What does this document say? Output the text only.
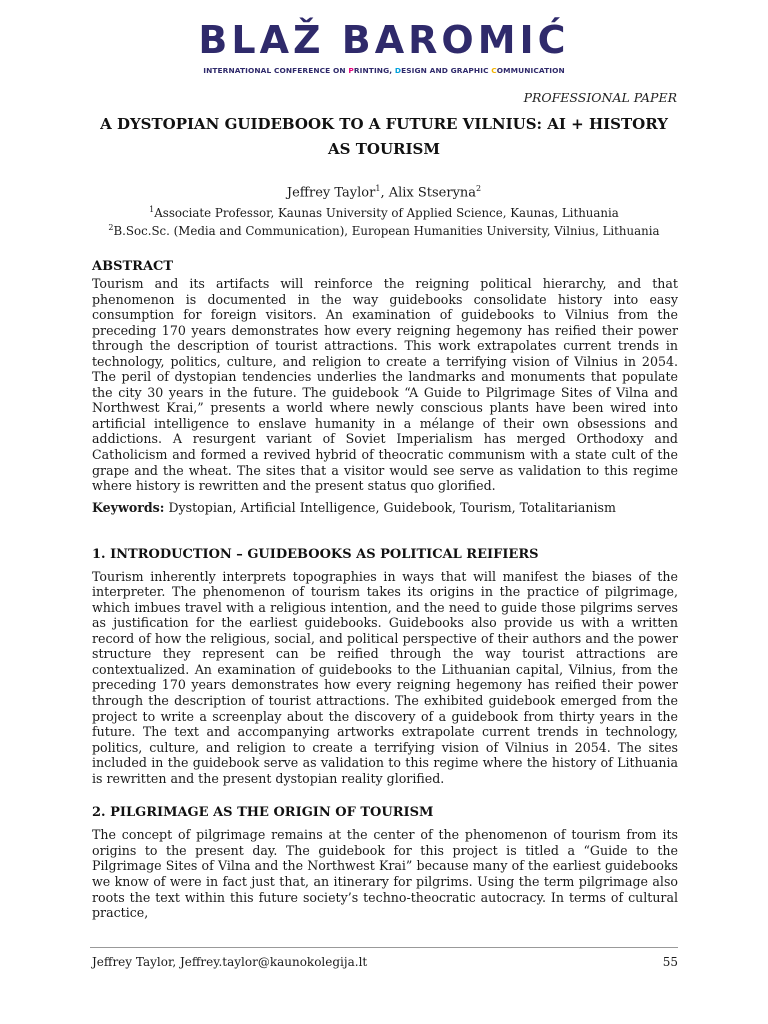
BLAŽ BAROMIĆ
INTERNATIONAL CONFERENCE ON PRINTING, DESIGN AND GRAPHIC COMMUNICATION
PROFESSIONAL PAPER
A DYSTOPIAN GUIDEBOOK TO A FUTURE VILNIUS: AI + HISTORY AS TOURISM
Jeffrey Taylor$^1$, Alix Stseryna$^2$
$^1$Associate Professor, Kaunas University of Applied Science, Kaunas, Lithuania
$^2$B.Soc.Sc. (Media and Communication), European Humanities University, Vilnius, Lithuania
ABSTRACT

Tourism and its artifacts will reinforce the reigning political hierarchy, and that phenomenon is documented in the way guidebooks consolidate history into easy consumption for foreign visitors. An examination of guidebooks to Vilnius from the preceding 170 years demonstrates how every reigning hegemony has reified their power through the description of tourist attractions. This work extrapolates current trends in technology, politics, culture, and religion to create a terrifying vision of Vilnius in 2054. The peril of dystopian tendencies underlies the landmarks and monuments that populate the city 30 years in the future. The guidebook “A Guide to Pilgrimage Sites of Vilna and Northwest Krai,” presents a world where newly conscious plants have been wired into artificial intelligence to enslave humanity in a mélange of their own obsessions and addictions. A resurgent variant of Soviet Imperialism has merged Orthodoxy and Catholicism and formed a revived hybrid of theocratic communism with a state cult of the grape and the wheat. The sites that a visitor would see serve as validation to this regime where history is rewritten and the present status quo glorified.

Keywords: Dystopian, Artificial Intelligence, Guidebook, Tourism, Totalitarianism
1. INTRODUCTION – GUIDEBOOKS AS POLITICAL REIFIERS

Tourism inherently interprets topographies in ways that will manifest the biases of the interpreter. The phenomenon of tourism takes its origins in the practice of pilgrimage, which imbues travel with a religious intention, and the need to guide those pilgrims serves as justification for the earliest guidebooks. Guidebooks also provide us with a written record of how the religious, social, and political perspective of their authors and the power structure they represent can be reified through the way tourist attractions are contextualized. An examination of guidebooks to the Lithuanian capital, Vilnius, from the preceding 170 years demonstrates how every reigning hegemony has reified their power through the description of tourist attractions. The exhibited guidebook emerged from the project to write a screenplay about the discovery of a guidebook from thirty years in the future. The text and accompanying artworks extrapolate current trends in technology, politics, culture, and religion to create a terrifying vision of Vilnius in 2054. The sites included in the guidebook serve as validation to this regime where the history of Lithuania is rewritten and the present dystopian reality glorified.

2. PILGRIMAGE AS THE ORIGIN OF TOURISM

The concept of pilgrimage remains at the center of the phenomenon of tourism from its origins to the present day. The guidebook for this project is titled a “Guide to the Pilgrimage Sites of Vilna and the Northwest Krai” because many of the earliest guidebooks we know of were in fact just that, an itinerary for pilgrims. Using the term pilgrimage also roots the text within this future society’s techno-theocratic autocracy. In terms of cultural practice,

Jeffrey Taylor, Jeffrey.taylor@kaunokolegija.lt	55
